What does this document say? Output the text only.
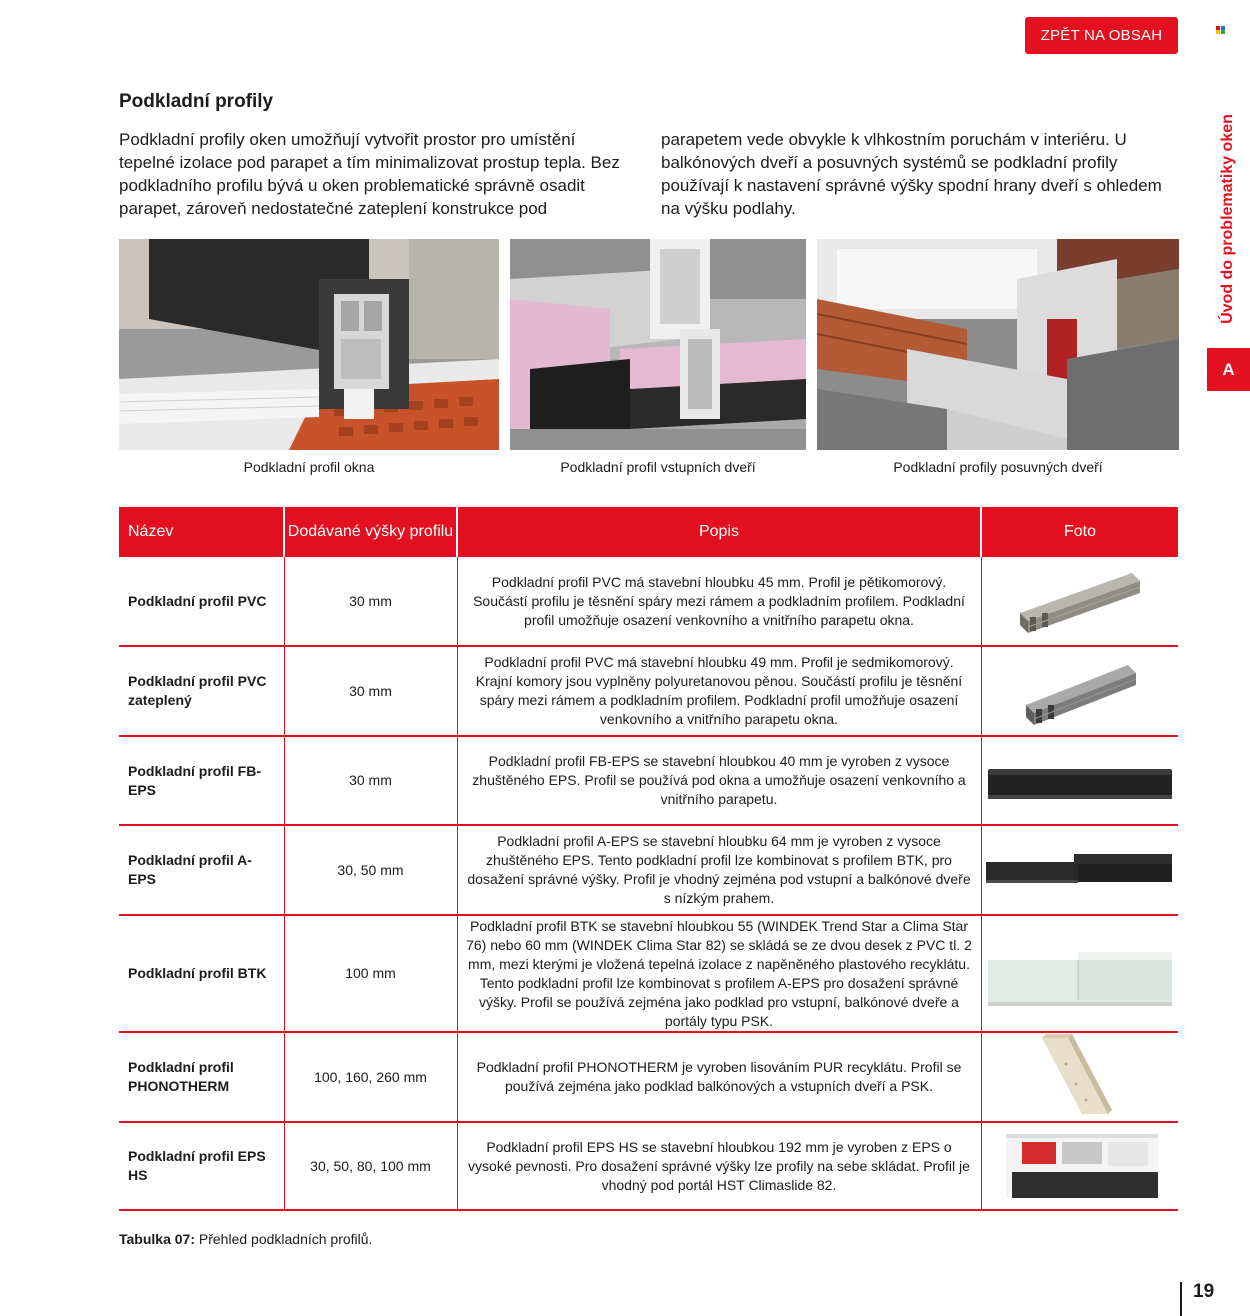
ZPĚT NA OBSAH
Úvod do problematiky oken
A
Podkladní profily

Podkladní profily oken umožňují vytvořit prostor pro umístění tepelné izolace pod parapet a tím minimalizovat prostup tepla. Bez podkladního profilu bývá u oken problematické správně osadit parapet, zároveň nedostatečné zateplení konstrukce pod

parapetem vede obvykle k vlhkostním poruchám v interiéru. U balkónových dveří a posuvných systémů se podkladní profily používají k nastavení správné výšky spodní hrany dveří s ohledem na výšku podlahy.

Podkladní profil okna	Podkladní profil vstupních dveří	Podkladní profily posuvných dveří
Název	Dodávané výšky profilu	Popis	Foto
Podkladní profil PVC	30 mm	Podkladní profil PVC má stavební hloubku 45 mm. Profil je pětikomorový. Součástí profilu je těsnění spáry mezi rámem a podkladním profilem. Podkladní profil umožňuje osazení venkovního a vnitřního parapetu okna.	

Podkladní profil PVC zateplený	30 mm	Podkladní profil PVC má stavební hloubku 49 mm. Profil je sedmikomorový. Krajní komory jsou vyplněny polyuretanovou pěnou. Součástí profilu je těsnění spáry mezi rámem a podkladním profilem. Podkladní profil umožňuje osazení venkovního a vnitřního parapetu okna.	

Podkladní profil FB-EPS	30 mm	Podkladní profil FB-EPS se stavební hloubkou 40 mm je vyroben z vysoce zhuštěného EPS. Profil se používá pod okna a umožňuje osazení venkovního a vnitřního parapetu.	

Podkladní profil A-EPS	30, 50 mm	Podkladní profil A-EPS se stavební hloubku 64 mm je vyroben z vysoce zhuštěného EPS. Tento podkladní profil lze kombinovat s profilem BTK, pro dosažení správné výšky. Profil je vhodný zejména pod vstupní a balkónové dveře s nízkým prahem.	

Podkladní profil BTK	100 mm	Podkladní profil BTK se stavební hloubkou 55 (WINDEK Trend Star a Clima Star 76) nebo 60 mm (WINDEK Clima Star 82) se skládá se ze dvou desek z PVC tl. 2 mm, mezi kterými je vložená tepelná izolace z napěněného plastového recyklátu. Tento podkladní profil lze kombinovat s profilem A-EPS pro dosažení správné výšky. Profil se používá zejména jako podklad pro vstupní, balkónové dveře a portály typu PSK.	

Podkladní profil PHONOTHERM	100, 160, 260 mm	Podkladní profil PHONOTHERM je vyroben lisováním PUR recyklátu. Profil se používá zejména jako podklad balkónových a vstupních dveří a PSK.	

Podkladní profil EPS HS	30, 50, 80, 100 mm	Podkladní profil EPS HS se stavební hloubkou 192 mm je vyroben z EPS o vysoké pevnosti. Pro dosažení správné výšky lze profily na sebe skládat. Profil je vhodný pod portál HST Climaslide 82.	

Tabulka 07: Přehled podkladních profilů.

19
